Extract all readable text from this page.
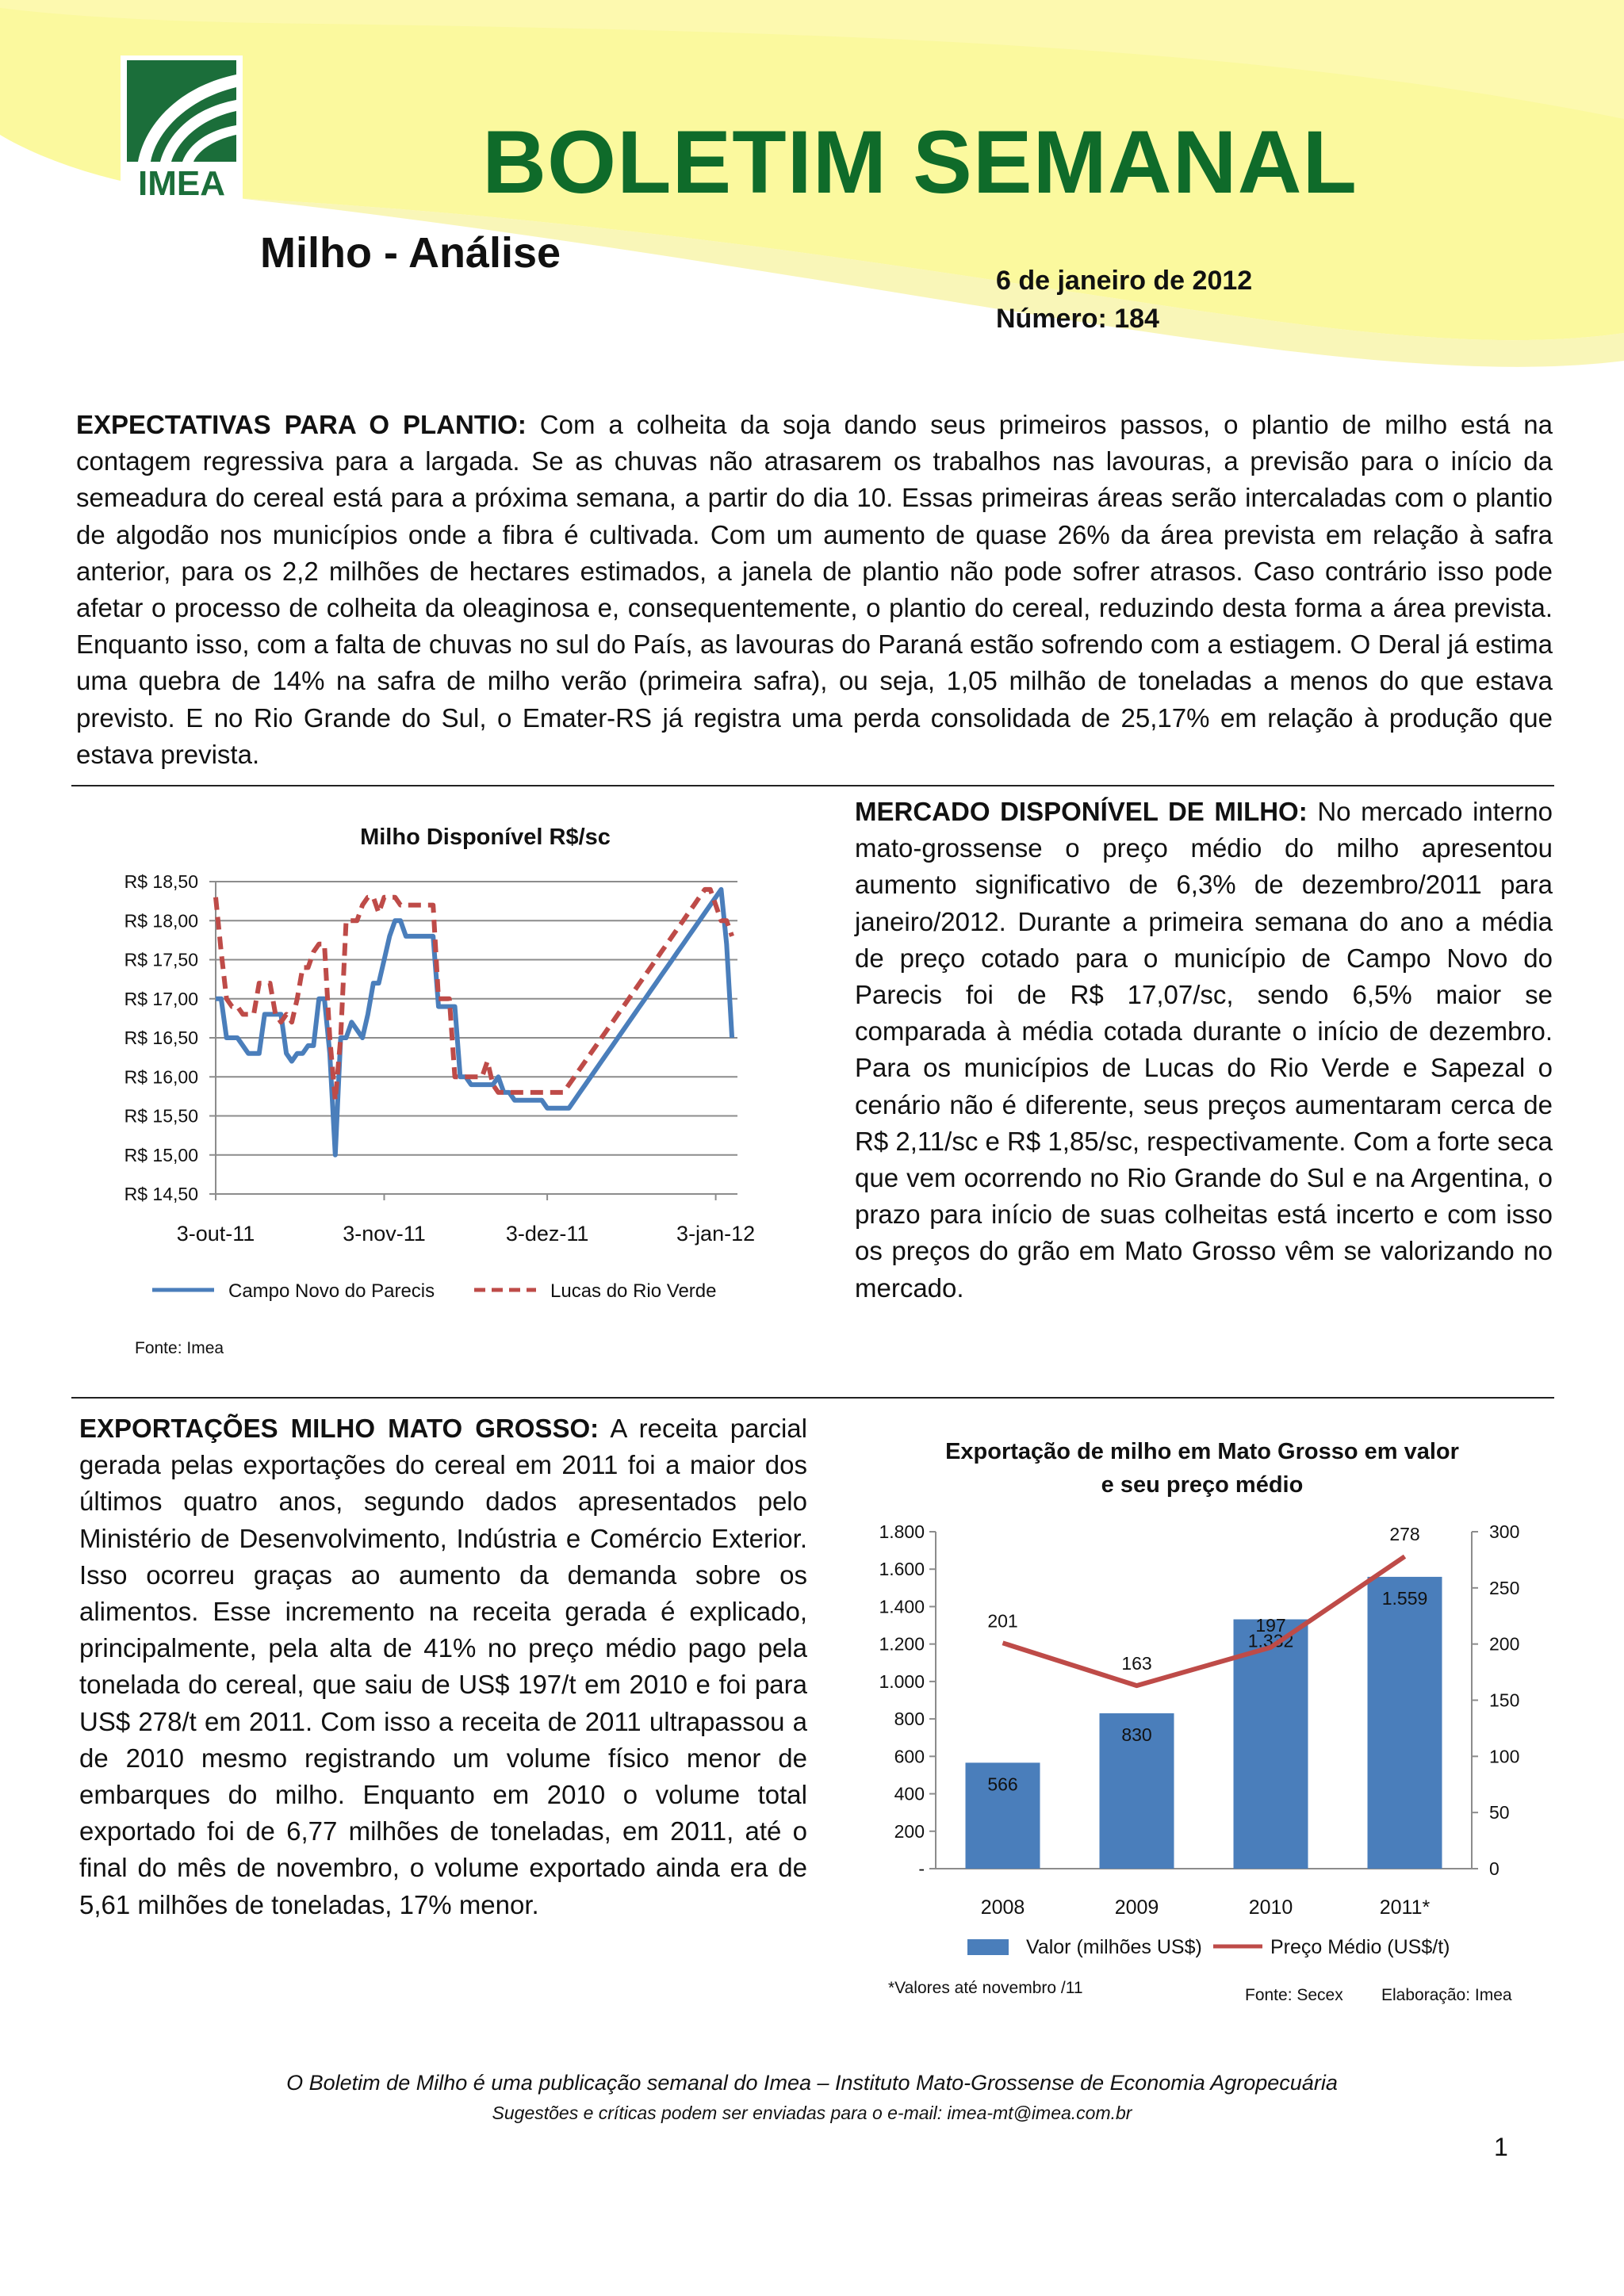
IMEA	BOLETIM SEMANAL
Milho - Análise
6 de janeiro de 2012
Número: 184

EXPECTATIVAS PARA O PLANTIO: Com a colheita da soja dando seus primeiros passos, o plantio de milho está na contagem regressiva para a largada. Se as chuvas não atrasarem os trabalhos nas lavouras, a previsão para o início da semeadura do cereal está para a próxima semana, a partir do dia 10. Essas primeiras áreas serão intercaladas com o plantio de algodão nos municípios onde a fibra é cultivada. Com um aumento de quase 26% da área prevista em relação à safra anterior, para os 2,2 milhões de hectares estimados, a janela de plantio não pode sofrer atrasos. Caso contrário isso pode afetar o processo de colheita da oleaginosa e, consequentemente, o plantio do cereal, reduzindo desta forma a área prevista. Enquanto isso, com a falta de chuvas no sul do País, as lavouras do Paraná estão sofrendo com a estiagem. O Deral já estima uma quebra de 14% na safra de milho verão (primeira safra), ou seja, 1,05 milhão de toneladas a menos do que estava previsto. E no Rio Grande do Sul, o Emater-RS já registra uma perda consolidada de 25,17% em relação à produção que estava prevista.

Milho Disponível R$/sc
R$ 18,50
R$ 18,00
R$ 17,50
R$ 17,00
R$ 16,50
R$ 16,00
R$ 15,50
R$ 15,00
R$ 14,50
3-out-11	3-nov-11	3-dez-11	3-jan-12
Campo Novo do Parecis	Lucas do Rio Verde
Fonte: Imea

MERCADO DISPONÍVEL DE MILHO: No mercado interno mato-grossense o preço médio do milho apresentou aumento significativo de 6,3% de dezembro/2011 para janeiro/2012. Durante a primeira semana do ano a média de preço cotado para o município de Campo Novo do Parecis foi de R$ 17,07/sc, sendo 6,5% maior se comparada à média cotada durante o início de dezembro. Para os municípios de Lucas do Rio Verde e Sapezal o cenário não é diferente, seus preços aumentaram cerca de R$ 2,11/sc e R$ 1,85/sc, respectivamente. Com a forte seca que vem ocorrendo no Rio Grande do Sul e na Argentina, o prazo para início de suas colheitas está incerto e com isso os preços do grão em Mato Grosso vêm se valorizando no mercado.

EXPORTAÇÕES MILHO MATO GROSSO: A receita parcial gerada pelas exportações do cereal em 2011 foi a maior dos últimos quatro anos, segundo dados apresentados pelo Ministério de Desenvolvimento, Indústria e Comércio Exterior. Isso ocorreu graças ao aumento da demanda sobre os alimentos. Esse incremento na receita gerada é explicado, principalmente, pela alta de 41% no preço médio pago pela tonelada do cereal, que saiu de US$ 197/t em 2010 e foi para US$ 278/t em 2011. Com isso a receita de 2011 ultrapassou a de 2010 mesmo registrando um volume físico menor de embarques do milho. Enquanto em 2010 o volume total exportado foi de 6,77 milhões de toneladas, em 2011, até o final do mês de novembro, o volume exportado ainda era de 5,61 milhões de toneladas, 17% menor.

Exportação de milho em Mato Grosso em valor
e seu preço médio
1.800
1.600
1.400
1.200
1.000
800
600
400
200
-
300
250
200
150
100
50
0
566
830
1.332
1.559
201
163
197
278
2008	2009	2010	2011*
Valor (milhões US$)	Preço Médio (US$/t)
*Valores até novembro /11	Fonte: Secex Elaboração: Imea
O Boletim de Milho é uma publicação semanal do Imea – Instituto Mato-Grossense de Economia Agropecuária
Sugestões e críticas podem ser enviadas para o e-mail: imea-mt@imea.com.br
1
